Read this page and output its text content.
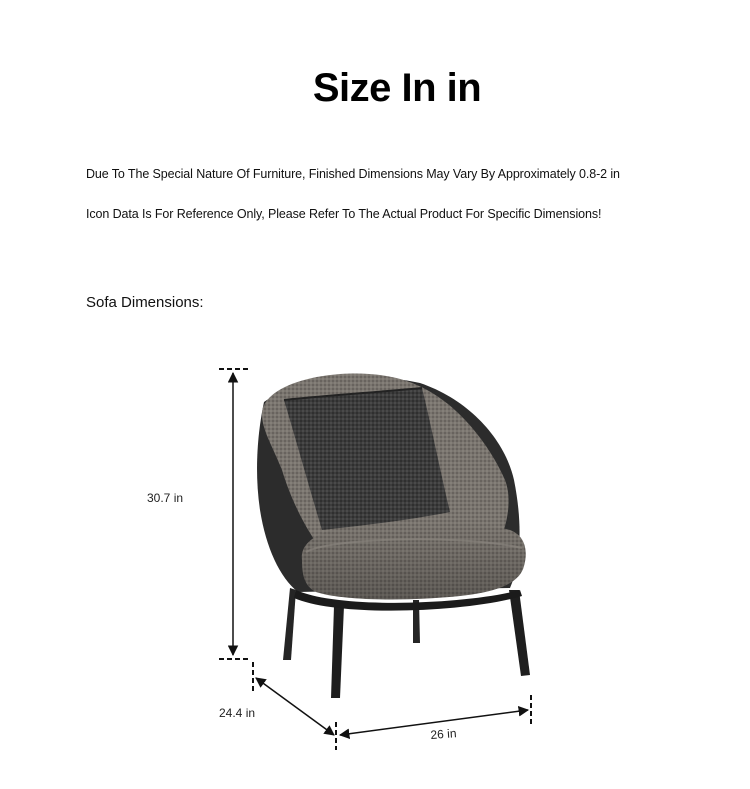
Size In in
Due To The Special Nature Of Furniture, Finished Dimensions May Vary By Approximately 0.8-2 in
Icon Data Is For Reference Only, Please Refer To The Actual Product For Specific Dimensions!
Sofa Dimensions:
30.7 in
24.4 in
26 in
